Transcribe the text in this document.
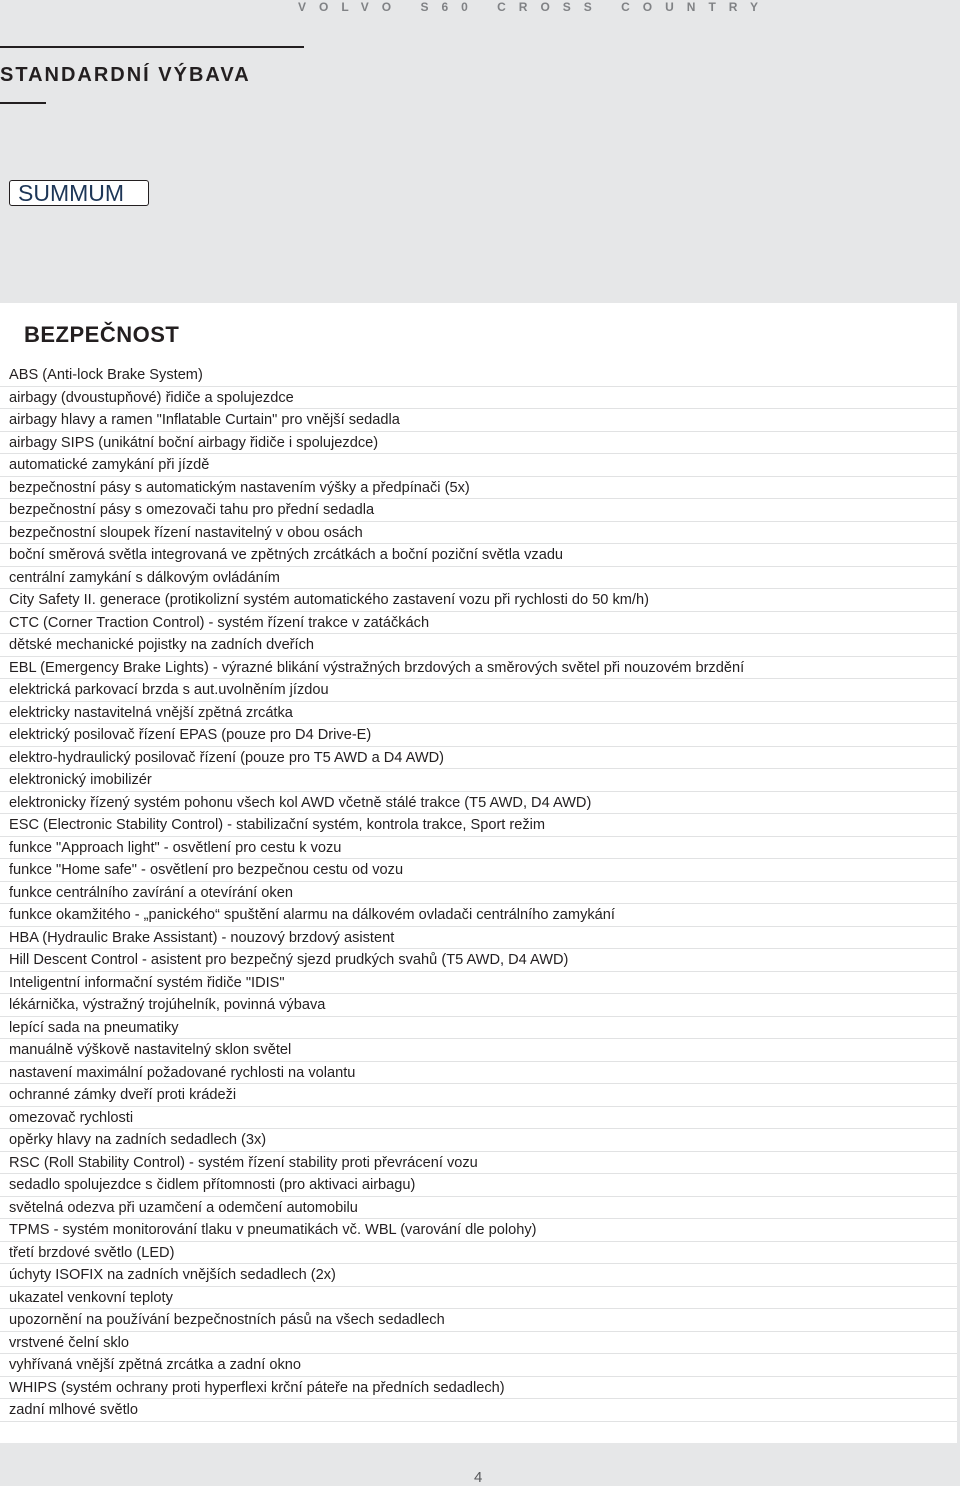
VOLVO S60 CROSS COUNTRY
STANDARDNÍ VÝBAVA
SUMMUM
BEZPEČNOST
ABS (Anti-lock Brake System)
airbagy (dvoustupňové) řidiče a spolujezdce
airbagy hlavy a ramen "Inflatable Curtain" pro vnější sedadla
airbagy SIPS (unikátní boční airbagy řidiče i spolujezdce)
automatické zamykání při jízdě
bezpečnostní pásy s automatickým nastavením výšky a předpínači (5x)
bezpečnostní pásy s omezovači tahu pro přední sedadla
bezpečnostní sloupek řízení nastavitelný v obou osách
boční směrová světla integrovaná ve zpětných zrcátkách a boční poziční světla vzadu
centrální zamykání s dálkovým ovládáním
City Safety II. generace (protikolizní systém automatického zastavení vozu při rychlosti do 50 km/h)
CTC (Corner Traction Control) - systém řízení trakce v zatáčkách
dětské mechanické pojistky na zadních dveřích
EBL (Emergency Brake Lights) - výrazné blikání výstražných brzdových a směrových světel při nouzovém brzdění
elektrická parkovací brzda s aut.uvolněním jízdou
elektricky nastavitelná vnější zpětná zrcátka
elektrický posilovač řízení EPAS (pouze pro D4 Drive-E)
elektro-hydraulický posilovač řízení (pouze pro T5 AWD a D4 AWD)
elektronický imobilizér
elektronicky řízený systém pohonu všech kol AWD včetně stálé trakce (T5 AWD, D4 AWD)
ESC (Electronic Stability Control) - stabilizační systém, kontrola trakce, Sport režim
funkce "Approach light" - osvětlení pro cestu k vozu
funkce "Home safe" - osvětlení pro bezpečnou cestu od vozu
funkce centrálního zavírání a otevírání oken
funkce okamžitého - „panického“ spuštění alarmu na dálkovém ovladači centrálního zamykání
HBA (Hydraulic Brake Assistant) - nouzový brzdový asistent
Hill Descent Control - asistent pro bezpečný sjezd prudkých svahů (T5 AWD, D4 AWD)
Inteligentní informační systém řidiče "IDIS"
lékárnička, výstražný trojúhelník, povinná výbava
lepící sada na pneumatiky
manuálně výškově nastavitelný sklon světel
nastavení maximální požadované rychlosti na volantu
ochranné zámky dveří proti krádeži
omezovač rychlosti
opěrky hlavy na zadních sedadlech (3x)
RSC (Roll Stability Control) - systém řízení stability proti převrácení vozu
sedadlo spolujezdce s čidlem přítomnosti (pro aktivaci airbagu)
světelná odezva při uzamčení a odemčení automobilu
TPMS - systém monitorování tlaku v pneumatikách vč. WBL (varování dle polohy)
třetí brzdové světlo (LED)
úchyty ISOFIX na zadních vnějších sedadlech (2x)
ukazatel venkovní teploty
upozornění na používání bezpečnostních pásů na všech sedadlech
vrstvené čelní sklo
vyhřívaná vnější zpětná zrcátka a zadní okno
WHIPS (systém ochrany proti hyperflexi krční páteře na předních sedadlech)
zadní mlhové světlo
4
